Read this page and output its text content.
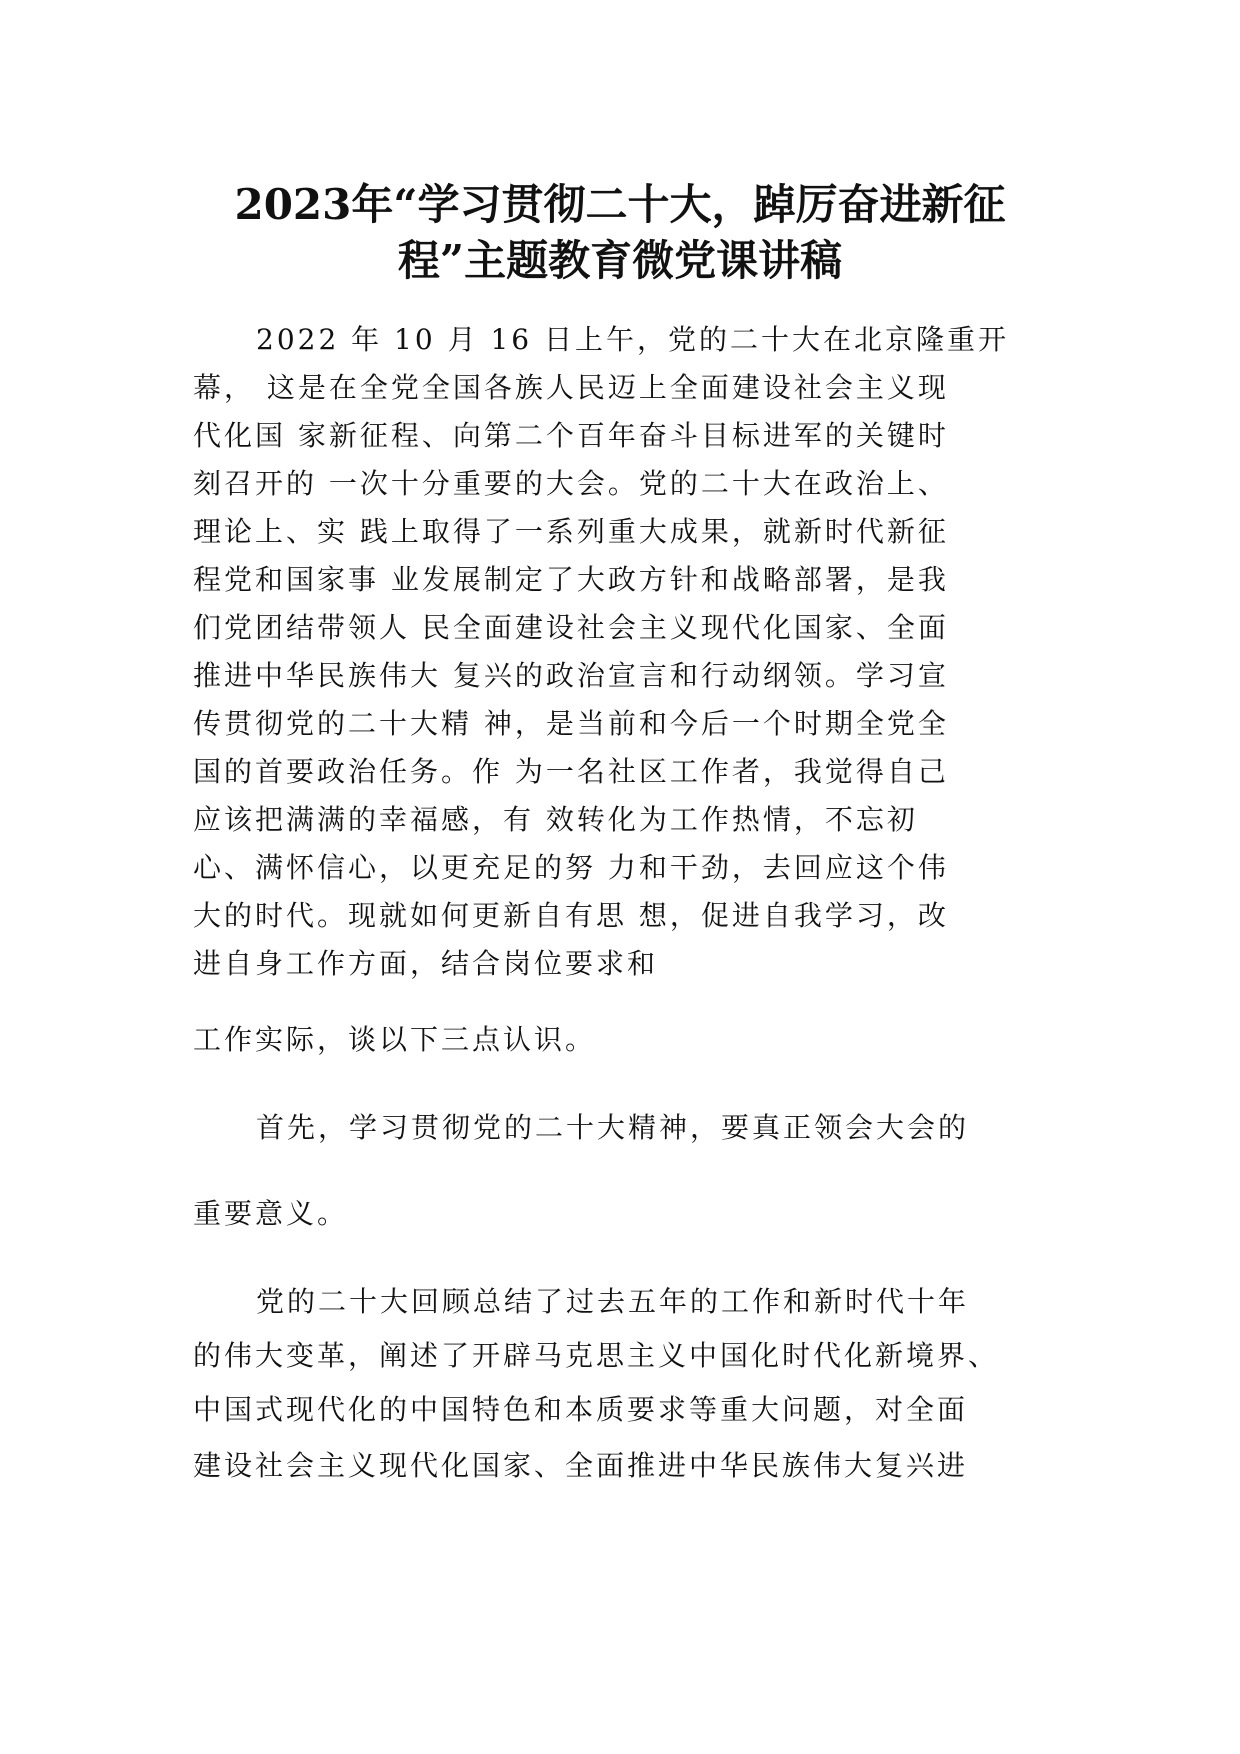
2023年“学习贯彻二十大，踔厉奋进新征
程”主题教育微党课讲稿

2022 年 10 月 16 日上午，党的二十大在北京隆重开

幕， 这是在全党全国各族人民迈上全面建设社会主义现

代化国 家新征程、向第二个百年奋斗目标进军的关键时

刻召开的 一次十分重要的大会。党的二十大在政治上、

理论上、实 践上取得了一系列重大成果，就新时代新征

程党和国家事 业发展制定了大政方针和战略部署，是我

们党团结带领人 民全面建设社会主义现代化国家、全面

推进中华民族伟大 复兴的政治宣言和行动纲领。学习宣

传贯彻党的二十大精 神，是当前和今后一个时期全党全

国的首要政治任务。作 为一名社区工作者，我觉得自己

应该把满满的幸福感，有 效转化为工作热情，不忘初

心、满怀信心，以更充足的努 力和干劲，去回应这个伟

大的时代。现就如何更新自有思 想，促进自我学习，改

进自身工作方面，结合岗位要求和

工作实际，谈以下三点认识。

首先，学习贯彻党的二十大精神，要真正领会大会的

重要意义。

党的二十大回顾总结了过去五年的工作和新时代十年

的伟大变革，阐述了开辟马克思主义中国化时代化新境界、

中国式现代化的中国特色和本质要求等重大问题，对全面

建设社会主义现代化国家、全面推进中华民族伟大复兴进
